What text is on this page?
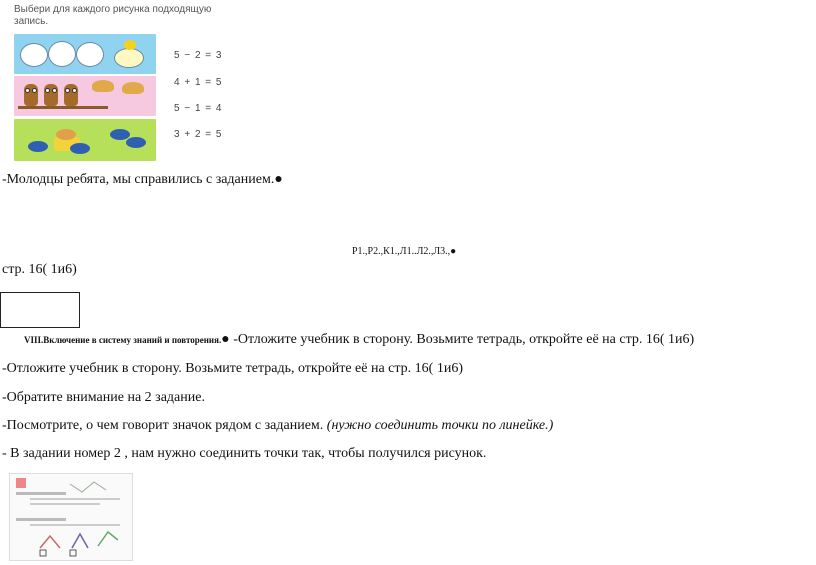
Выбери для каждого рисунка подходящую запись.
5 − 2 = 3
4 + 1 = 5
5 − 1 = 4
3 + 2 = 5
-Молодцы ребята, мы справились с заданием.●
Р1.,Р2.,К1.,Л1..Л2.,Л3.,●
стр. 16( 1и6)
VIII.Включение в систему знаний и повторения.● -Отложите учебник в сторону. Возьмите тетрадь, откройте её на стр. 16( 1и6)
-Отложите учебник в сторону. Возьмите тетрадь, откройте её на стр. 16( 1и6)
-Обратите внимание на 2 задание.
-Посмотрите, о чем говорит значок рядом с заданием. (нужно соединить точки по линейке.)
- В задании номер 2 , нам нужно соединить точки так, чтобы получился рисунок.
